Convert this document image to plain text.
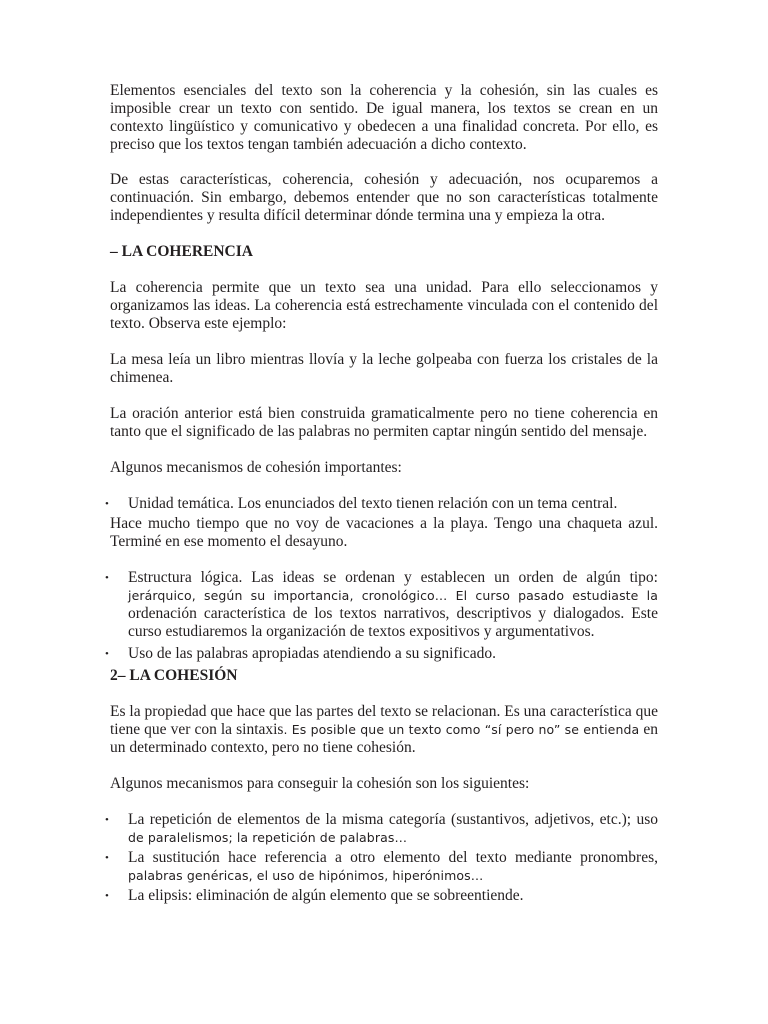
Elementos esenciales del texto son la coherencia y la cohesión, sin las cuales es imposible crear un texto con sentido. De igual manera, los textos se crean en un contexto lingüístico y comunicativo y obedecen a una finalidad concreta. Por ello, es preciso que los textos tengan también adecuación a dicho contexto.

De estas características, coherencia, cohesión y adecuación, nos ocuparemos a continuación. Sin embargo, debemos entender que no son características totalmente independientes y resulta difícil determinar dónde termina una y empieza la otra.

– LA COHERENCIA

La coherencia permite que un texto sea una unidad. Para ello seleccionamos y organizamos las ideas. La coherencia está estrechamente vinculada con el contenido del texto. Observa este ejemplo:

La mesa leía un libro mientras llovía y la leche golpeaba con fuerza los cristales de la chimenea.

La oración anterior está bien construida gramaticalmente pero no tiene coherencia en tanto que el significado de las palabras no permiten captar ningún sentido del mensaje.

Algunos mecanismos de cohesión importantes:

•	Unidad temática. Los enunciados del texto tienen relación con un tema central.

Hace mucho tiempo que no voy de vacaciones a la playa. Tengo una chaqueta azul. Terminé en ese momento el desayuno.

•	Estructura lógica. Las ideas se ordenan y establecen un orden de algún tipo: jerárquico, según su importancia, cronológico… El curso pasado estudiaste la ordenación característica de los textos narrativos, descriptivos y dialogados. Este curso estudiaremos la organización de textos expositivos y argumentativos.
•	Uso de las palabras apropiadas atendiendo a su significado.
2– LA COHESIÓN

Es la propiedad que hace que las partes del texto se relacionan. Es una característica que tiene que ver con la sintaxis. Es posible que un texto como “sí pero no” se entienda en un determinado contexto, pero no tiene cohesión.

Algunos mecanismos para conseguir la cohesión son los siguientes:

•	La repetición de elementos de la misma categoría (sustantivos, adjetivos, etc.); uso de paralelismos; la repetición de palabras…
•	La sustitución hace referencia a otro elemento del texto mediante pronombres, palabras genéricas, el uso de hipónimos, hiperónimos…
•	La elipsis: eliminación de algún elemento que se sobreentiende.
